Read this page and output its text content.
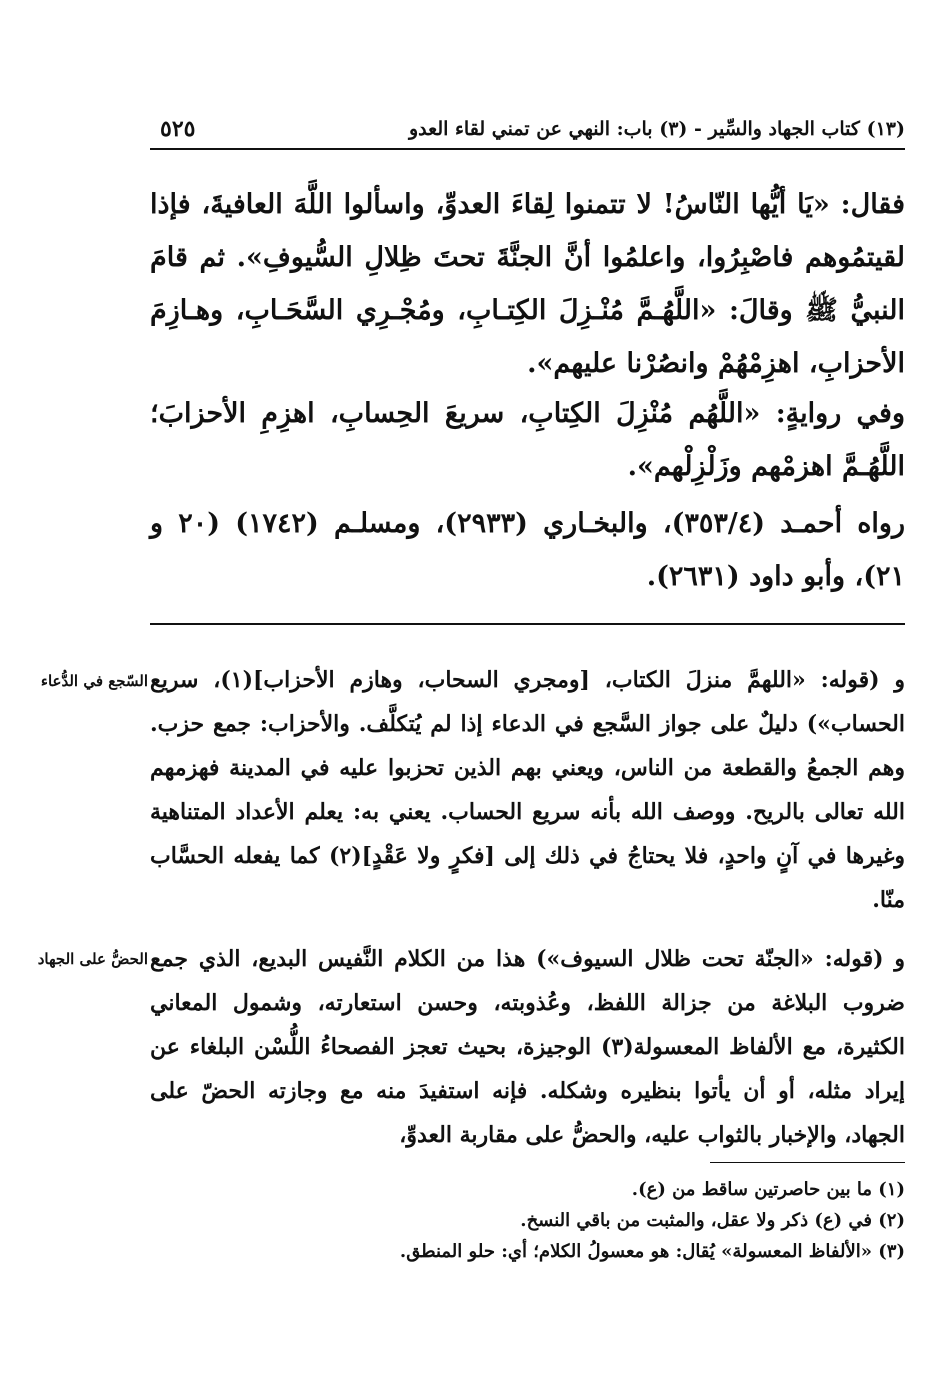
(١٣) كتاب الجهاد والسِّير - (٣) باب: النهي عن تمني لقاء العدو
٥٢٥

فقال: «يَا أيُّها النّاسُ! لا تتمنوا لِقاءَ العدوِّ، واسألوا اللَّهَ العافيةَ، فإذا لقيتمُوهم فاصْبِرُوا، واعلمُوا أنَّ الجنَّةَ تحتَ ظِلالِ السُّيوفِ». ثم قامَ النبيُّ ﷺ وقالَ: «اللَّهُـمَّ مُنْـزِلَ الكِتـابِ، ومُجْـرِي السَّحَـابِ، وهـازِمَ الأحزابِ، اهزِمْهُمْ وانصُرْنا عليهم».

وفي روايةٍ: «اللَّهُم مُنْزِلَ الكِتابِ، سريعَ الحِسابِ، اهزِمِ الأحزابَ؛ اللَّهُـمَّ اهزمْهم وزَلْزِلْهم».

رواه أحمـد (٣٥٣/٤)، والبخـاري (٢٩٣٣)، ومسلـم (١٧٤٢) (٢٠ و ٢١)، وأبو داود (٢٦٣١).

و (قوله: «اللهمَّ منزلَ الكتاب، [ومجري السحاب، وهازم الأحزاب](١)، سريع الحساب») دليلٌ على جواز السَّجع في الدعاء إذا لم يُتكلَّف. والأحزاب: جمع حزب. وهم الجمعُ والقطعة من الناس، ويعني بهم الذين تحزبوا عليه في المدينة فهزمهم الله تعالى بالريح. ووصف الله بأنه سريع الحساب. يعني به: يعلم الأعداد المتناهية وغيرها في آنٍ واحدٍ، فلا يحتاجُ في ذلك إلى [فكرٍ ولا عَقْدٍ](٢) كما يفعله الحسَّاب منّا.

السّجع في الدُّعاء

و (قوله: «الجنّة تحت ظلال السيوف») هذا من الكلام النَّفيس البديع، الذي جمع ضروب البلاغة من جزالة اللفظ، وعُذوبته، وحسن استعارته، وشمول المعاني الكثيرة، مع الألفاظ المعسولة(٣) الوجيزة، بحيث تعجز الفصحاءُ اللُّسْن البلغاء عن إيراد مثله، أو أن يأتوا بنظيره وشكله. فإنه استفيدَ منه مع وجازته الحضّ على الجهاد، والإخبار بالثواب عليه، والحضُّ على مقاربة العدوِّ،

الحضُّ على الجهاد

(١) ما بين حاصرتين ساقط من (ع).

(٢) في (ع) ذكر ولا عقل، والمثبت من باقي النسخ.

(٣) «الألفاظ المعسولة» يُقال: هو معسولُ الكلام؛ أي: حلو المنطق.
